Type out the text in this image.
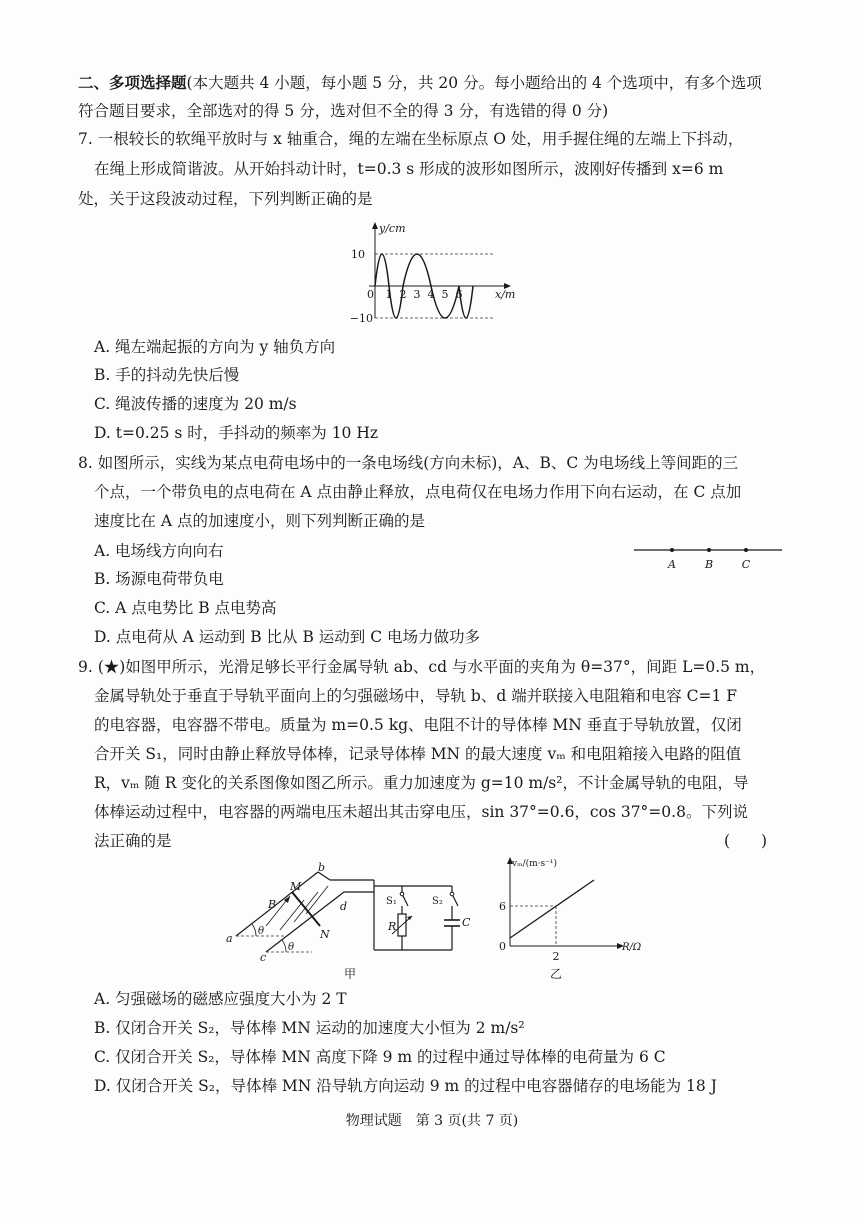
二、多项选择题(本大题共 4 小题，每小题 5 分，共 20 分。每小题给出的 4 个选项中，有多个选项
符合题目要求，全部选对的得 5 分，选对但不全的得 3 分，有选错的得 0 分)
7. 一根较长的软绳平放时与 x 轴重合，绳的左端在坐标原点 O 处，用手握住绳的左端上下抖动，
在绳上形成简谐波。从开始抖动计时，t=0.3 s 形成的波形如图所示，波刚好传播到 x=6 m
处，关于这段波动过程，下列判断正确的是
y/cm
10
−10
0 1 2 3 4 5 6	x/m
A. 绳左端起振的方向为 y 轴负方向
B. 手的抖动先快后慢
C. 绳波传播的速度为 20 m/s
D. t=0.25 s 时，手抖动的频率为 10 Hz
8. 如图所示，实线为某点电荷电场中的一条电场线(方向未标)，A、B、C 为电场线上等间距的三
个点，一个带负电的点电荷在 A 点由静止释放，点电荷仅在电场力作用下向右运动，在 C 点加
速度比在 A 点的加速度小，则下列判断正确的是
A	B	C
A. 电场线方向向右
B. 场源电荷带负电
C. A 点电势比 B 点电势高
D. 点电荷从 A 运动到 B 比从 B 运动到 C 电场力做功多
9. (★)如图甲所示，光滑足够长平行金属导轨 ab、cd 与水平面的夹角为 θ=37°，间距 L=0.5 m，
金属导轨处于垂直于导轨平面向上的匀强磁场中，导轨 b、d 端并联接入电阻箱和电容 C=1 F
的电容器，电容器不带电。质量为 m=0.5 kg、电阻不计的导体棒 MN 垂直于导轨放置，仅闭
合开关 S₁，同时由静止释放导体棒，记录导体棒 MN 的最大速度 vₘ 和电阻箱接入电路的阻值
R，vₘ 随 R 变化的关系图像如图乙所示。重力加速度为 g=10 m/s²，不计金属导轨的电阻，导
体棒运动过程中，电容器的两端电压未超出其击穿电压，sin 37°=0.6，cos 37°=0.8。下列说
法正确的是	(　　)
a
b
c
d
M
N
B
θ
θ
S₁	S₂
R	C
甲
vₘ/(m·s⁻¹)
6
0
2
R/Ω
乙
A. 匀强磁场的磁感应强度大小为 2 T
B. 仅闭合开关 S₂，导体棒 MN 运动的加速度大小恒为 2 m/s²
C. 仅闭合开关 S₂，导体棒 MN 高度下降 9 m 的过程中通过导体棒的电荷量为 6 C
D. 仅闭合开关 S₂，导体棒 MN 沿导轨方向运动 9 m 的过程中电容器储存的电场能为 18 J
物理试题　第 3 页(共 7 页)
